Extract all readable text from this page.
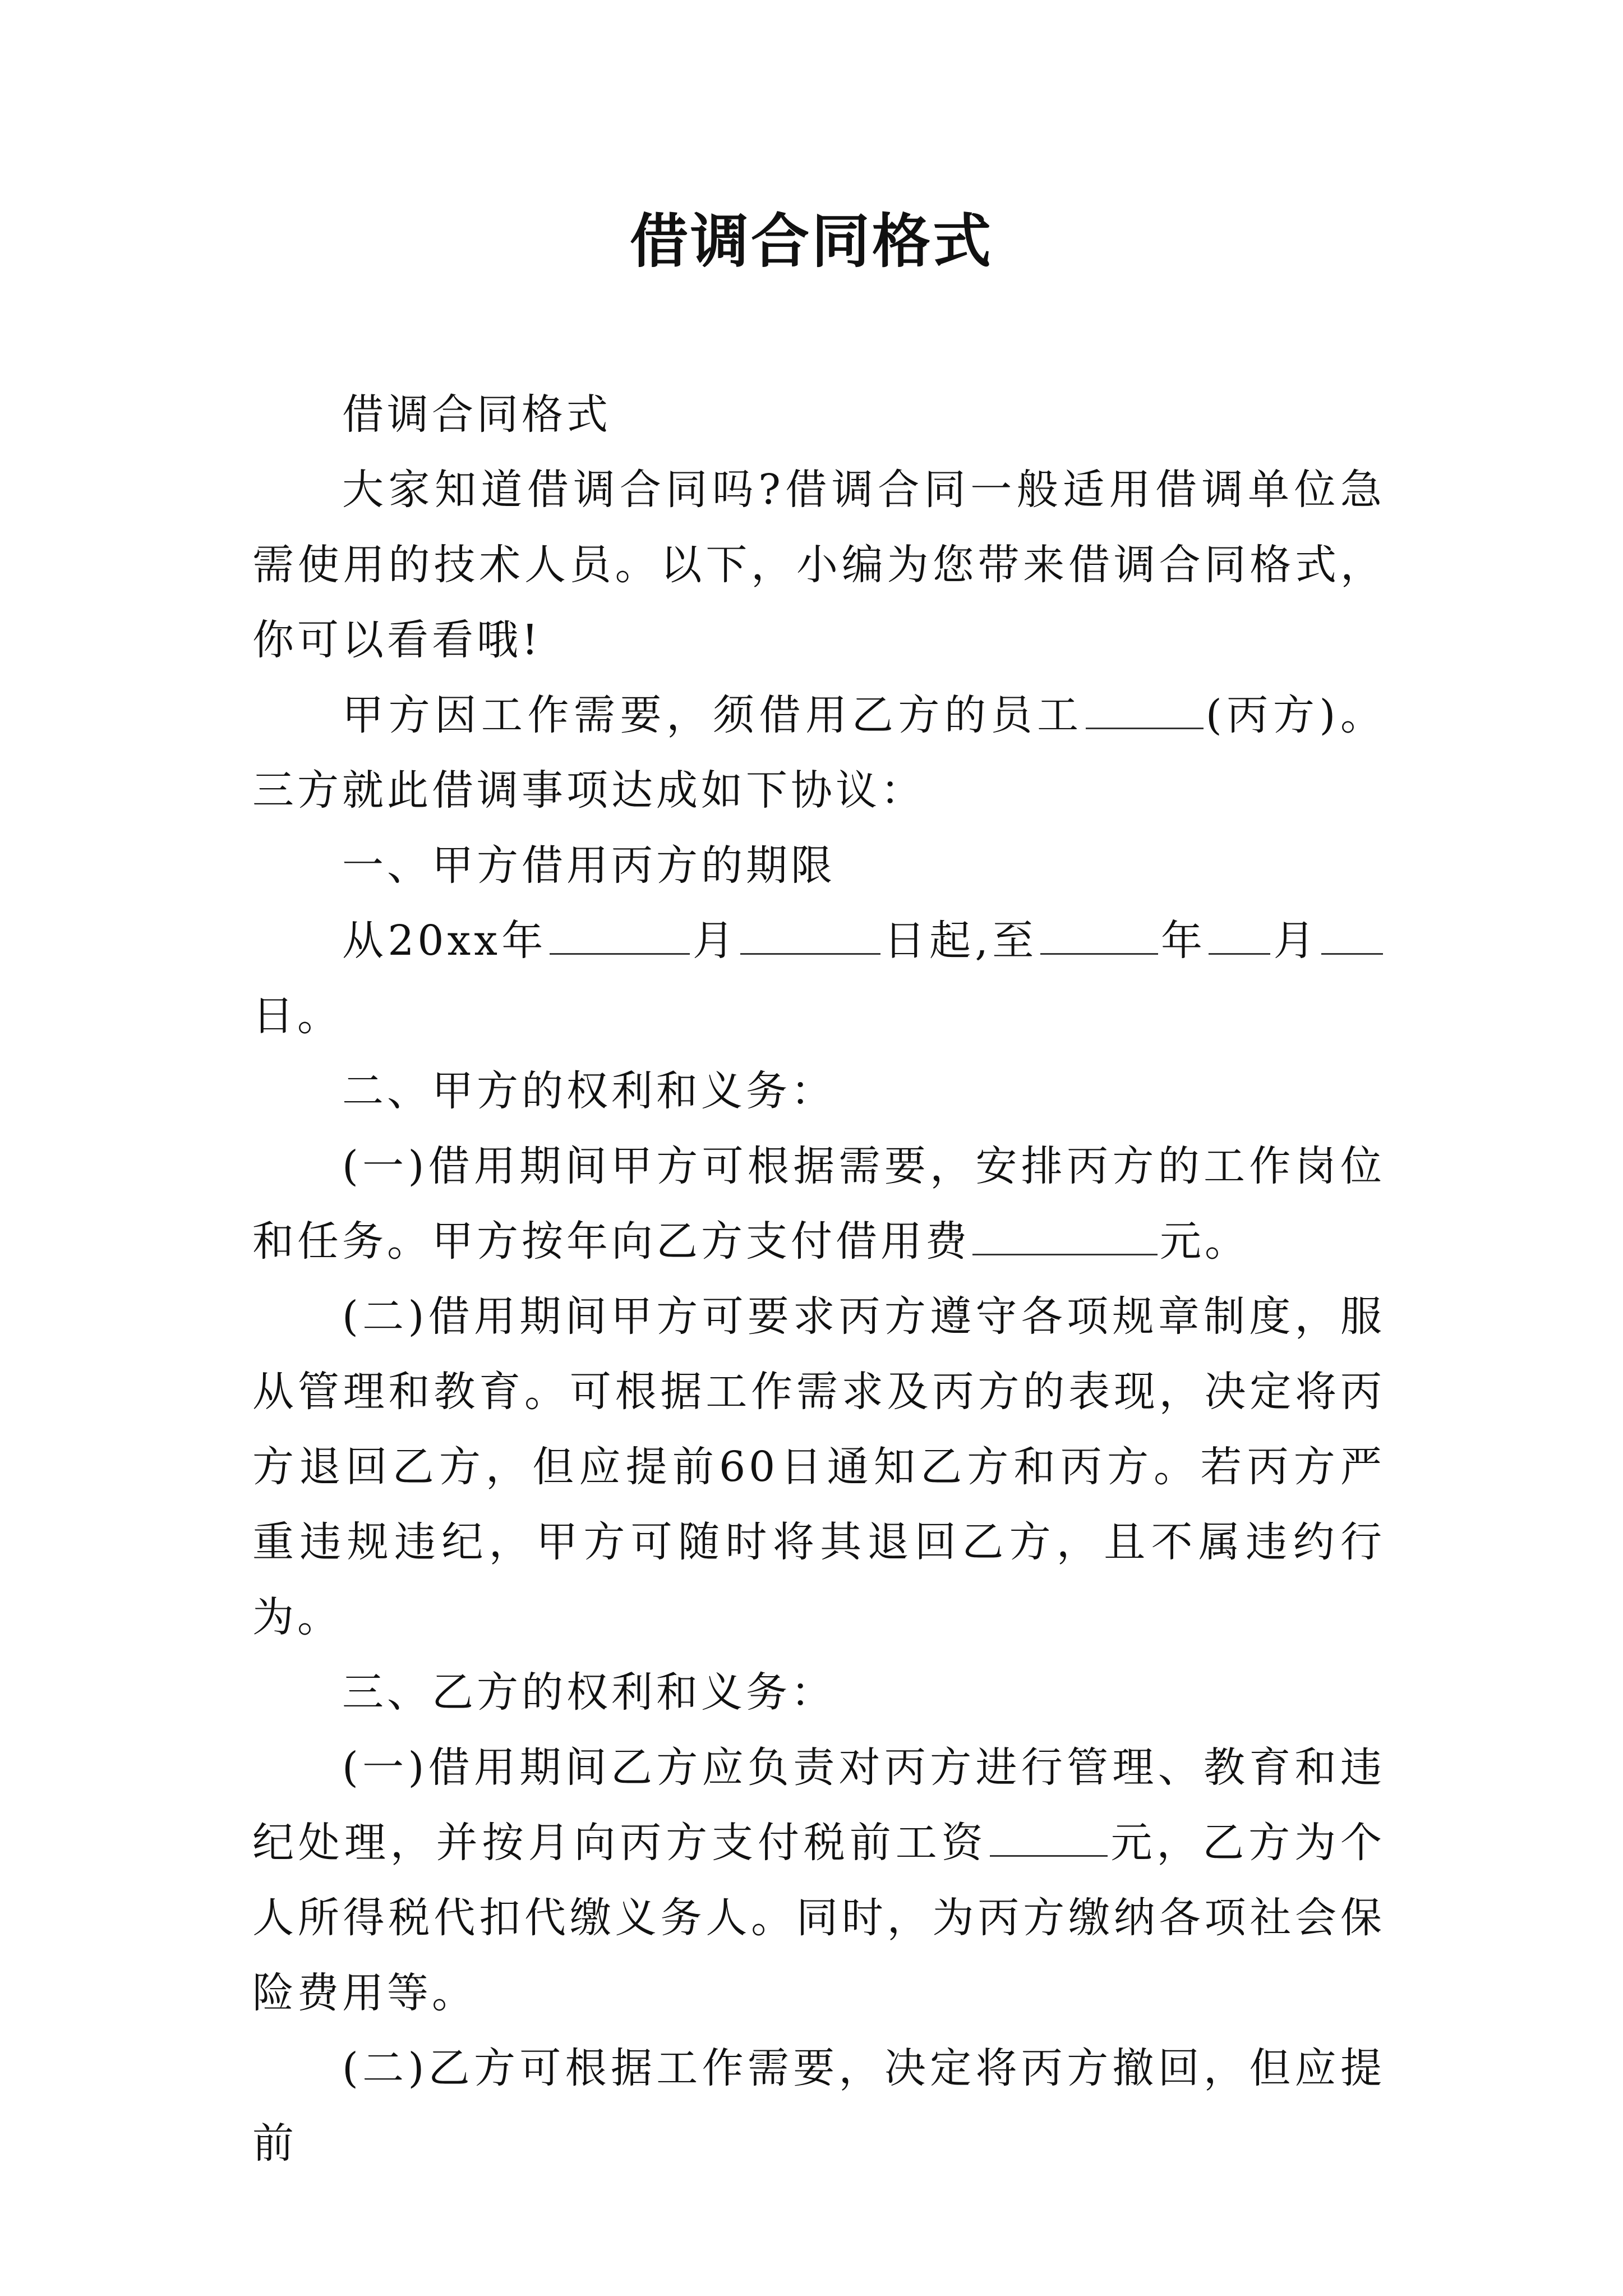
借调合同格式

借调合同格式

大家知道借调合同吗?借调合同一般适用借调单位急需使用的技术人员。以下，小编为您带来借调合同格式，你可以看看哦!

甲方因工作需要，须借用乙方的员工	(丙方)。三方就此借调事项达成如下协议：

一、甲方借用丙方的期限

从20xx年	月	日起,至	年 月日。

二、甲方的权利和义务：

(一)借用期间甲方可根据需要，安排丙方的工作岗位和任务。甲方按年向乙方支付借用费	元。

(二)借用期间甲方可要求丙方遵守各项规章制度，服从管理和教育。可根据工作需求及丙方的表现，决定将丙方退回乙方，但应提前60日通知乙方和丙方。若丙方严重违规违纪，甲方可随时将其退回乙方，且不属违约行为。

三、乙方的权利和义务：

(一)借用期间乙方应负责对丙方进行管理、教育和违纪处理，并按月向丙方支付税前工资	元，乙方为个人所得税代扣代缴义务人。同时，为丙方缴纳各项社会保险费用等。

(二)乙方可根据工作需要，决定将丙方撤回，但应提前
